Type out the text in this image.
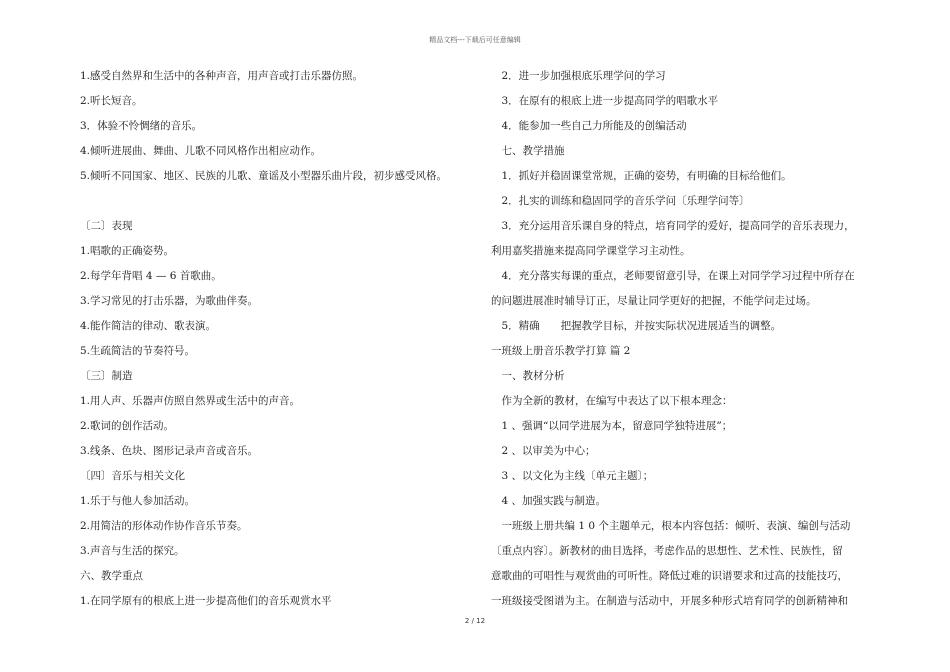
精品文档---下载后可任意编辑
1.感受自然界和生活中的各种声音，用声音或打击乐器仿照。
2.听长短音。
3．体验不怜惆绪的音乐。
4.倾听进展曲、舞曲、儿歌不同风格作出相应动作。
5.倾听不同国家、地区、民族的儿歌、童谣及小型器乐曲片段，初步感受风格。
〔二〕表现
1.唱歌的正确姿势。
2.每学年背唱 4 — 6 首歌曲。
3.学习常见的打击乐器，为歌曲伴奏。
4.能作简洁的律动、歌表演。
5.生疏简洁的节奏符号。
〔三〕制造
1.用人声、乐器声仿照自然界或生活中的声音。
2.歌词的创作活动。
3.线条、色块、图形记录声音或音乐。
〔四〕音乐与相关文化
1.乐于与他人参加活动。
2.用简洁的形体动作协作音乐节奏。
3.声音与生活的探究。
六、教学重点
1.在同学原有的根底上进一步提高他们的音乐观赏水平
　2．进一步加强根底乐理学问的学习
　3．在原有的根底上进一步提高同学的唱歌水平
　4．能参加一些自己力所能及的创编活动
　七、教学措施
　1．抓好并稳固课堂常规，正确的姿势，有明确的目标给他们。
　2．扎实的训练和稳固同学的音乐学问〔乐理学问等〕
　3．充分运用音乐课自身的特点，培育同学的爱好，提高同学的音乐表现力，
利用嘉奖措施来提高同学课堂学习主动性。
　4．充分落实每课的重点，老师要留意引导，在课上对同学学习过程中所存在
的问题进展准时辅导订正，尽量让同学更好的把握，不能学问走过场。
　5．精确　　把握教学目标，并按实际状况进展适当的调整。
一班级上册音乐教学打算 篇 2
　一、教材分析
　作为全新的教材，在编写中表达了以下根本理念：
　1 、强调“以同学进展为本，留意同学独特进展”；
　2 、以审美为中心；
　3 、以文化为主线〔单元主题〕；
　4 、加强实践与制造。
　一班级上册共编 1 0 个主题单元，根本内容包括：倾听、表演、编创与活动
〔重点内容〕。新教材的曲目选择，考虑作品的思想性、艺术性、民族性，留
意歌曲的可唱性与观赏曲的可听性。降低过难的识谱要求和过高的技能技巧，
一班级接受图谱为主。在制造与活动中，开展多种形式培育同学的创新精神和
2 / 12
